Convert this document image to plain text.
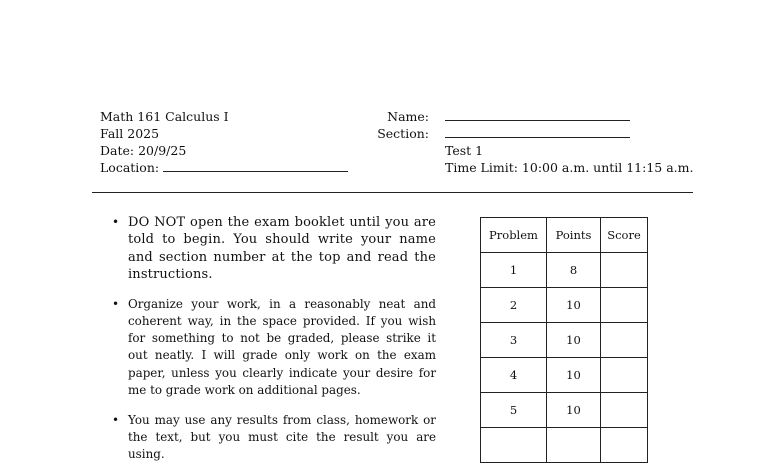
Math 161 Calculus I
Fall 2025
Date: 20/9/25
Location:
Name:
Section:
Test 1
Time Limit: 10:00 a.m. until 11:15 a.m.
• DO NOT open the exam booklet until you are told to begin. You should write your name and section number at the top and read the instructions.
• Organize your work, in a reasonably neat and coherent way, in the space provided. If you wish for something to not be graded, please strike it out neatly. I will grade only work on the exam paper, unless you clearly indicate your desire for me to grade work on additional pages.
• You may use any results from class, homework or the text, but you must cite the result you are using.
Problem	Points	Score
1	8	
2	10	
3	10	
4	10	
5	10	
